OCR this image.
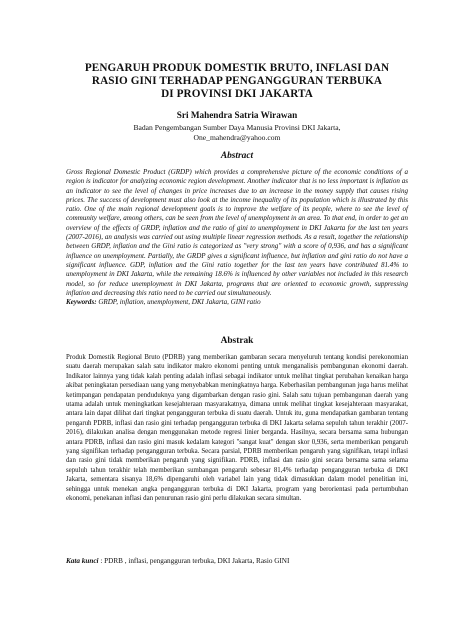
PENGARUH PRODUK DOMESTIK BRUTO, INFLASI DAN
RASIO GINI TERHADAP PENGANGGURAN TERBUKA
DI PROVINSI DKI JAKARTA
Sri Mahendra Satria Wirawan
Badan Pengembangan Sumber Daya Manusia Provinsi DKI Jakarta,
One_mahendra@yahoo.com
Abstract
Gross Regional Domestic Product (GRDP) which provides a comprehensive picture of the economic conditions of a region is indicator for analyzing economic region development. Another indicator that is no less important is inflation as an indicator to see the level of changes in price increases due to an increase in the money supply that causes rising prices. The success of development must also look at the income inequality of its population which is illustrated by this ratio. One of the main regional development goals is to improve the welfare of its people, where to see the level of community welfare, among others, can be seen from the level of unemployment in an area. To that end, in order to get an overview of the effects of GRDP, inflation and the ratio of gini to unemployment in DKI Jakarta for the last ten years (2007-2016), an analysis was carried out using multiple linear regression methods. As a result, together the relationship between GRDP, inflation and the Gini ratio is categorized as "very strong" with a score of 0,936, and has a significant influence on unemployment. Partially, the GRDP gives a significant influence, but inflation and gini ratio do not have a significant influence. GDP, inflation and the Gini ratio together for the last ten years have contributed 81.4% to unemployment in DKI Jakarta, while the remaining 18.6% is influenced by other variables not included in this research model, so for reduce unemployment in DKI Jakarta, programs that are oriented to economic growth, suppressing inflation and decreasing this ratio need to be carried out simultaneously.
Keywords: GRDP, inflation, unemployment, DKI Jakarta, GINI ratio
Abstrak
Produk Domestik Regional Bruto (PDRB) yang memberikan gambaran secara menyeluruh tentang kondisi perekonomian suatu daerah merupakan salah satu indikator makro ekonomi penting untuk menganalisis pembangunan ekonomi daerah. Indikator lainnya yang tidak kalah penting adalah inflasi sebagai indikator untuk melihat tingkat perubahan kenaikan harga akibat peningkatan persediaan uang yang menyebabkan meningkatnya harga. Keberhasilan pembangunan juga harus melihat ketimpangan pendapatan penduduknya yang digambarkan dengan rasio gini. Salah satu tujuan pembangunan daerah yang utama adalah untuk meningkatkan kesejahteraan masyarakatnya, dimana untuk melihat tingkat kesejahteraan masyarakat, antara lain dapat dilihat dari tingkat pengangguran terbuka di suatu daerah. Untuk itu, guna mendapatkan gambaran tentang pengaruh PDRB, inflasi dan rasio gini terhadap pengangguran terbuka di DKI Jakarta selama sepuluh tahun terakhir (2007-2016), dilakukan analisa dengan menggunakan metode regresi linier berganda. Hasilnya, secara bersama sama hubungan antara PDRB, inflasi dan rasio gini masuk kedalam kategori "sangat kuat" dengan skor 0,936, serta memberikan pengaruh yang signifikan terhadap pengangguran terbuka. Secara parsial, PDRB memberikan pengaruh yang signifikan, tetapi inflasi dan rasio gini tidak memberikan pengaruh yang signifikan. PDRB, inflasi dan rasio gini secara bersama sama selama sepuluh tahun terakhir telah memberikan sumbangan pengaruh sebesar 81,4% terhadap pengangguran terbuka di DKI Jakarta, sementara sisanya 18,6% dipengaruhi oleh variabel lain yang tidak dimasukkan dalam model penelitian ini, sehingga untuk menekan angka pengangguran terbuka di DKI Jakarta, program yang berorientasi pada pertumbuhan ekonomi, penekanan inflasi dan penurunan rasio gini perlu dilakukan secara simultan.
Kata kunci : PDRB , inflasi, pengangguran terbuka, DKI Jakarta, Rasio GINI
